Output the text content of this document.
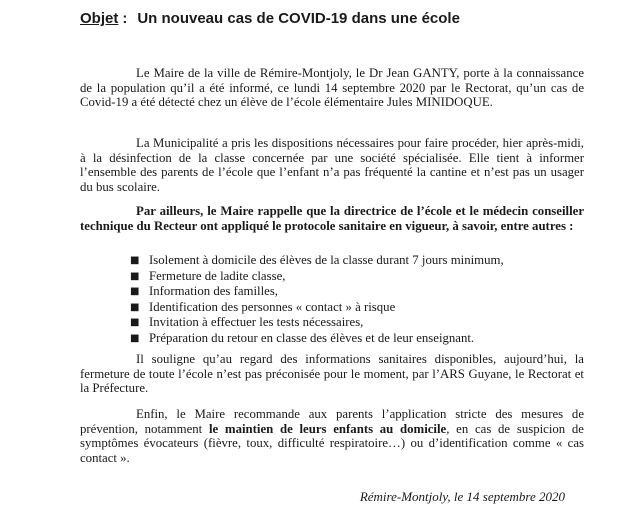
Objet : Un nouveau cas de COVID-19 dans une école

Le Maire de la ville de Rémire-Montjoly, le Dr Jean GANTY, porte à la connaissance de la population qu’il a été informé, ce lundi 14 septembre 2020 par le Rectorat, qu’un cas de Covid-19 a été détecté chez un élève de l’école élémentaire Jules MINIDOQUE.

La Municipalité a pris les dispositions nécessaires pour faire procéder, hier après-midi, à la désinfection de la classe concernée par une société spécialisée. Elle tient à informer l’ensemble des parents de l’école que l’enfant n’a pas fréquenté la cantine et n’est pas un usager du bus scolaire.

Par ailleurs, le Maire rappelle que la directrice de l’école et le médecin conseiller technique du Recteur ont appliqué le protocole sanitaire en vigueur, à savoir, entre autres :

■ Isolement à domicile des élèves de la classe durant 7 jours minimum,
■ Fermeture de ladite classe,
■ Information des familles,
■ Identification des personnes « contact » à risque
■ Invitation à effectuer les tests nécessaires,
■ Préparation du retour en classe des élèves et de leur enseignant.

Il souligne qu’au regard des informations sanitaires disponibles, aujourd’hui, la fermeture de toute l’école n’est pas préconisée pour le moment, par l’ARS Guyane, le Rectorat et la Préfecture.

Enfin, le Maire recommande aux parents l’application stricte des mesures de prévention, notamment le maintien de leurs enfants au domicile, en cas de suspicion de symptômes évocateurs (fièvre, toux, difficulté respiratoire…) ou d’identification comme « cas contact ».

Rémire-Montjoly, le 14 septembre 2020
